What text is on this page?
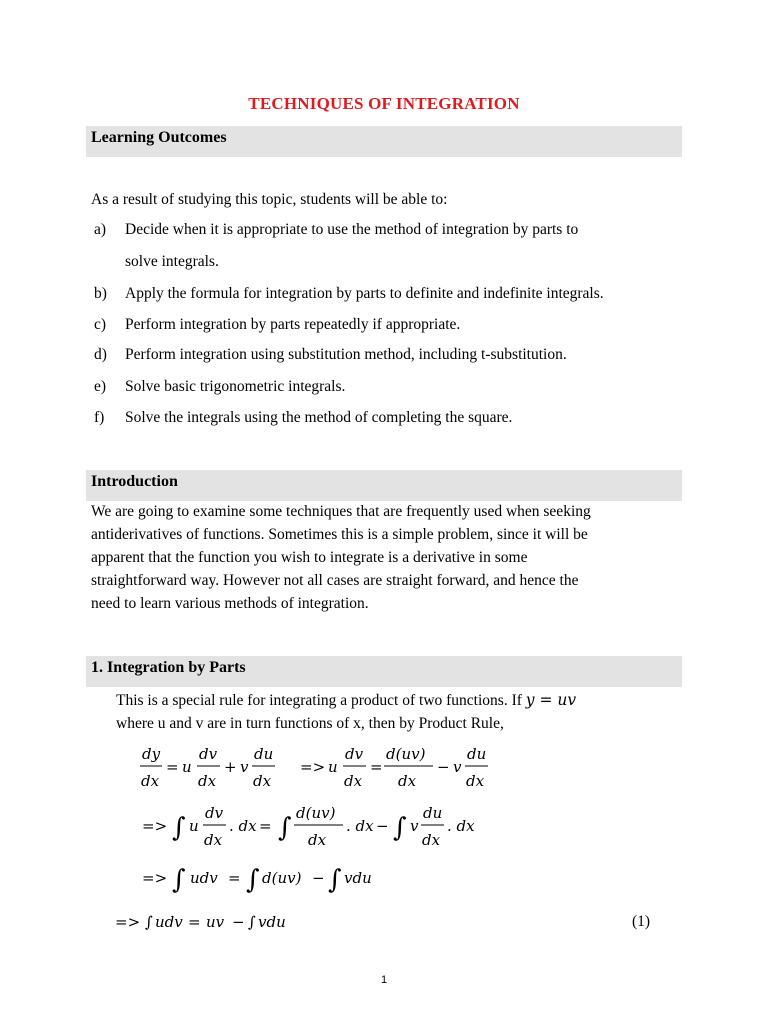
TECHNIQUES OF INTEGRATION
Learning Outcomes
As a result of studying this topic, students will be able to:
a) Decide when it is appropriate to use the method of integration by parts to
solve integrals.
b) Apply the formula for integration by parts to definite and indefinite integrals.
c) Perform integration by parts repeatedly if appropriate.
d) Perform integration using substitution method, including t-substitution.
e) Solve basic trigonometric integrals.
f) Solve the integrals using the method of completing the square.
Introduction
We are going to examine some techniques that are frequently used when seeking
antiderivatives of functions. Sometimes this is a simple problem, since it will be
apparent that the function you wish to integrate is a derivative in some
straightforward way. However not all cases are straight forward, and hence the
need to learn various methods of integration.
1. Integration by Parts
This is a special rule for integrating a product of two functions. If y = uv
where u and v are in turn functions of x, then by Product Rule,
dy
dx
= u
dv
dx
+ v
du
dx
=> u
dv
dx
=
d(uv)
dx
− v
du
dx
=> ∫ u
dv
dx
. dx = ∫ d(uv)
dx
. dx − ∫ v
du
dx
. dx
=> ∫ udv = ∫ d(uv) − ∫ vdu
=> ∫ udv = uv − ∫ vdu	(1)
1
